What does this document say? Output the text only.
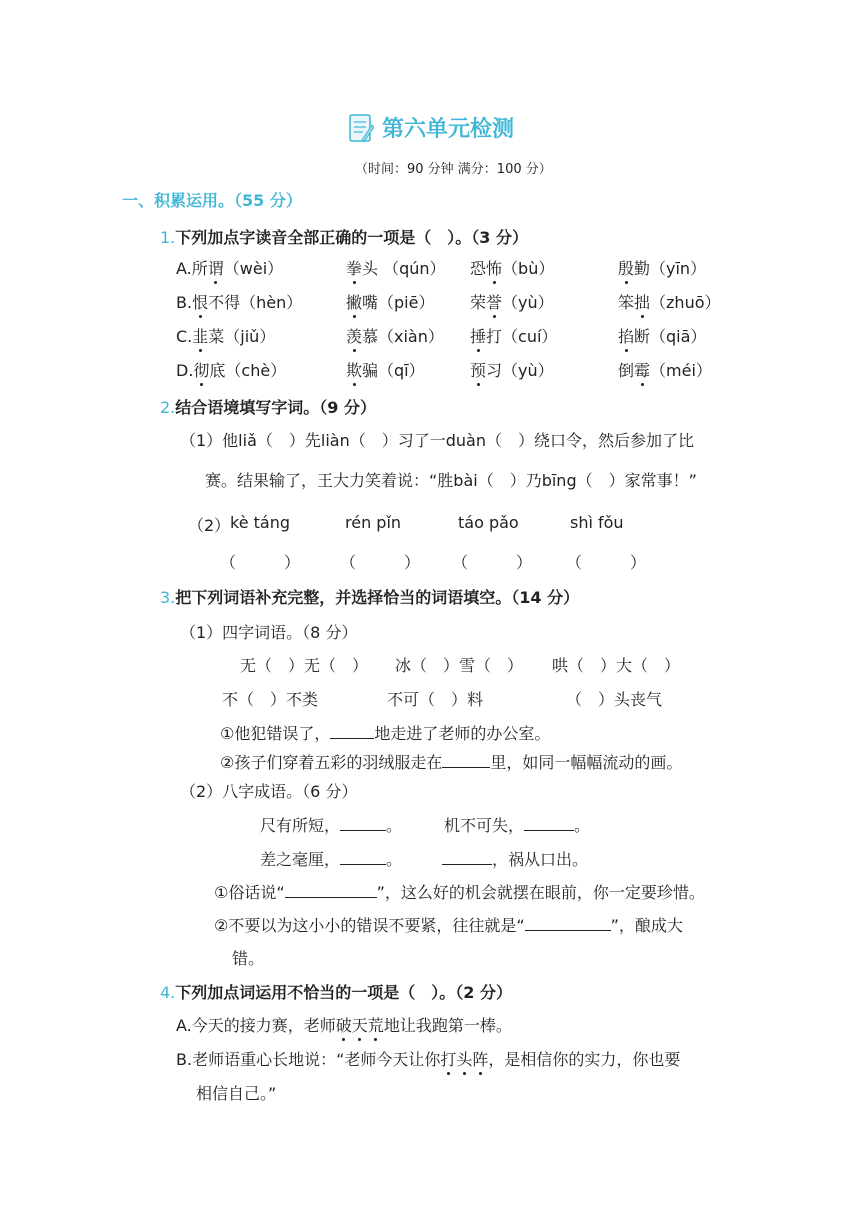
第六单元检测
（时间：90 分钟 满分：100 分）
一、积累运用。（55 分）
1.下列加点字读音全部正确的一项是（　）。（3 分）
A.所谓（wèi）	拳头 （qún） 恐怖（bù）	殷勤（yīn）
B.恨不得（hèn）	撇嘴（piē） 荣誉（yù）	笨拙（zhuō）
C.韭菜（jiǔ）	羡慕（xiàn） 捶打（cuí）	掐断（qiā）
D.彻底（chè）	欺骗（qī）	预习（yù）	倒霉（méi）
2.结合语境填写字词。（9 分）
（1）他liǎ（　）先liàn（　）习了一duàn（　）绕口令，然后参加了比
赛。结果输了，王大力笑着说：“胜bài（　）乃bīng（　）家常事！”
（2） kè táng	rén pǐn	táo pǎo	shì fǒu
（　　　） （　　　） （　　　） （　　　）
3.把下列词语补充完整，并选择恰当的词语填空。（14 分）
（1）四字词语。（8 分）
无（　）无（　） 冰（　）雪（　） 哄（　）大（　）
不（　）不类	不可（　）料	（　）头丧气
①他犯错误了，	地走进了老师的办公室。
②孩子们穿着五彩的羽绒服走在	里，如同一幅幅流动的画。
（2）八字成语。（6 分）
尺有所短，	。	机不可失，	。
差之毫厘，	。	，祸从口出。
①俗话说“	”，这么好的机会就摆在眼前，你一定要珍惜。
②不要以为这小小的错误不要紧，往往就是“	”，酿成大
错。
4.下列加点词运用不恰当的一项是（　）。（2 分）
A.今天的接力赛，老师破天荒地让我跑第一棒。
B.老师语重心长地说：“老师今天让你打头阵，是相信你的实力，你也要
相信自己。”
